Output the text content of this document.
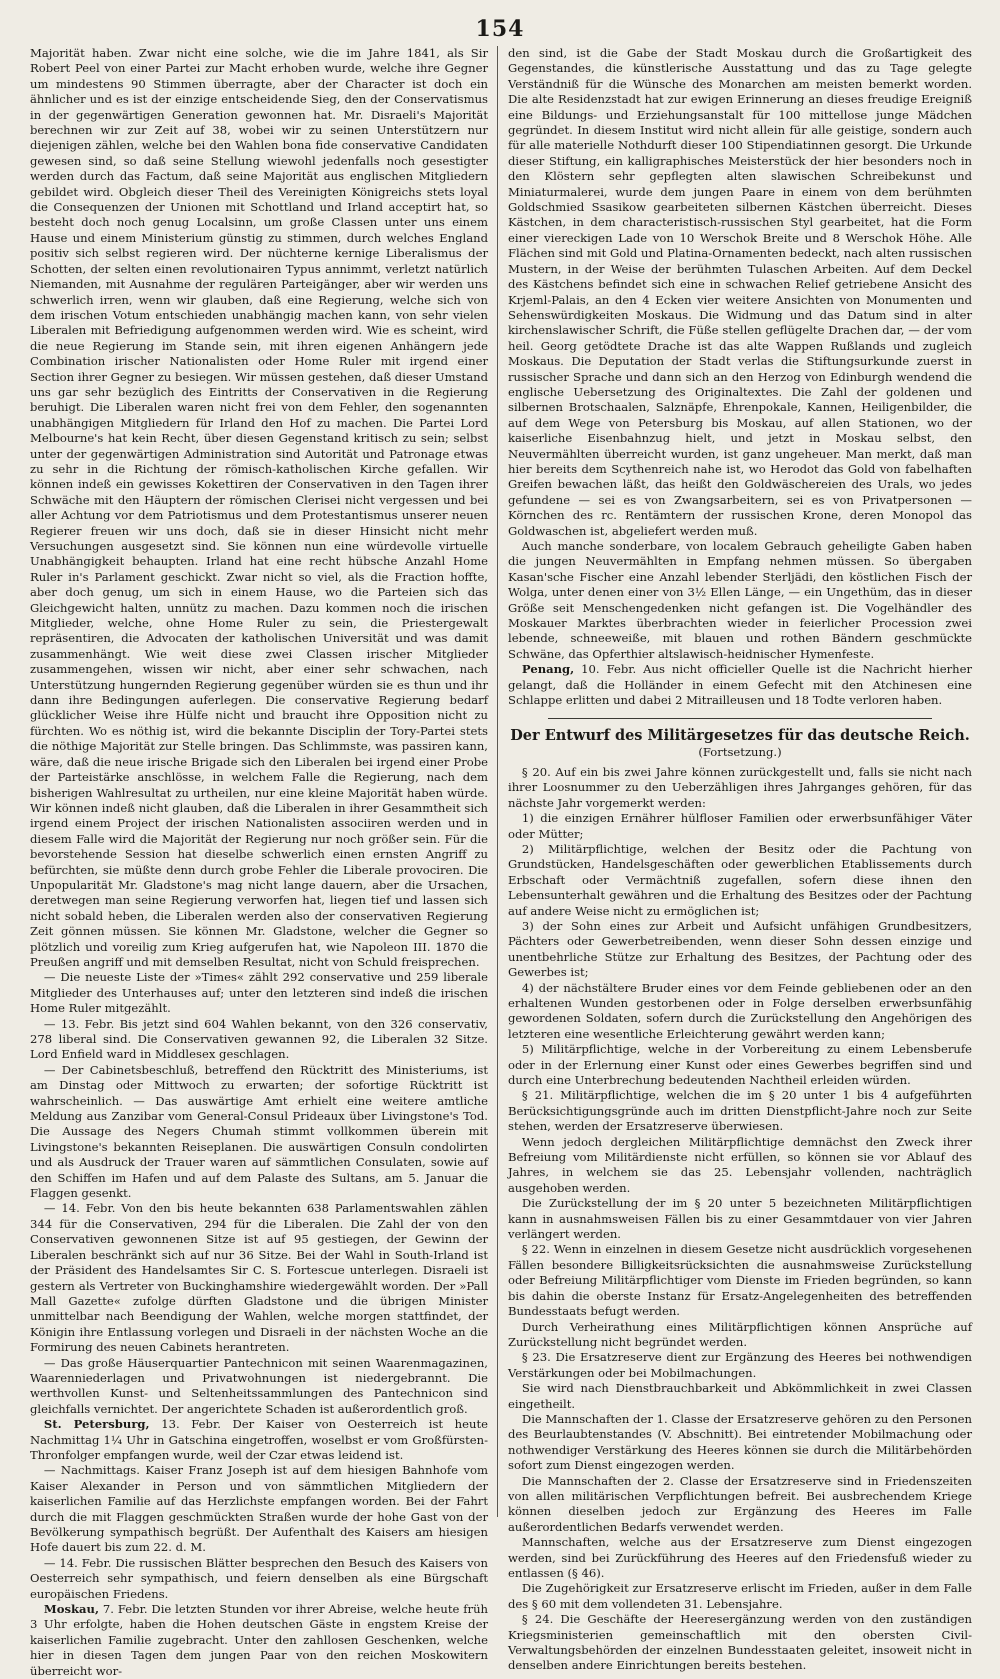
154

Majorität haben. Zwar nicht eine solche, wie die im Jahre 1841, als Sir Robert Peel von einer Partei zur Macht erhoben wurde, welche ihre Gegner um mindestens 90 Stimmen überragte, aber der Character ist doch ein ähnlicher und es ist der einzige entscheidende Sieg, den der Conservatismus in der gegenwärtigen Generation gewonnen hat. Mr. Disraeli's Majorität berechnen wir zur Zeit auf 38, wobei wir zu seinen Unterstützern nur diejenigen zählen, welche bei den Wahlen bona fide conservative Candidaten gewesen sind, so daß seine Stellung wiewohl jedenfalls noch gesestigter werden durch das Factum, daß seine Majorität aus englischen Mitgliedern gebildet wird. Obgleich dieser Theil des Vereinigten Königreichs stets loyal die Consequenzen der Unionen mit Schottland und Irland acceptirt hat, so besteht doch noch genug Localsinn, um große Classen unter uns einem Hause und einem Ministerium günstig zu stimmen, durch welches England positiv sich selbst regieren wird. Der nüchterne kernige Liberalismus der Schotten, der selten einen revolutionairen Typus annimmt, verletzt natürlich Niemanden, mit Ausnahme der regulären Parteigänger, aber wir werden uns schwerlich irren, wenn wir glauben, daß eine Regierung, welche sich von dem irischen Votum entschieden unabhängig machen kann, von sehr vielen Liberalen mit Befriedigung aufgenommen werden wird. Wie es scheint, wird die neue Regierung im Stande sein, mit ihren eigenen Anhängern jede Combination irischer Nationalisten oder Home Ruler mit irgend einer Section ihrer Gegner zu besiegen. Wir müssen gestehen, daß dieser Umstand uns gar sehr bezüglich des Eintritts der Conservativen in die Regierung beruhigt. Die Liberalen waren nicht frei von dem Fehler, den sogenannten unabhängigen Mitgliedern für Irland den Hof zu machen. Die Partei Lord Melbourne's hat kein Recht, über diesen Gegenstand kritisch zu sein; selbst unter der gegenwärtigen Administration sind Autorität und Patronage etwas zu sehr in die Richtung der römisch-katholischen Kirche gefallen. Wir können indeß ein gewisses Kokettiren der Conservativen in den Tagen ihrer Schwäche mit den Häuptern der römischen Clerisei nicht vergessen und bei aller Achtung vor dem Patriotismus und dem Protestantismus unserer neuen Regierer freuen wir uns doch, daß sie in dieser Hinsicht nicht mehr Versuchungen ausgesetzt sind. Sie können nun eine würdevolle virtuelle Unabhängigkeit behaupten. Irland hat eine recht hübsche Anzahl Home Ruler in's Parlament geschickt. Zwar nicht so viel, als die Fraction hoffte, aber doch genug, um sich in einem Hause, wo die Parteien sich das Gleichgewicht halten, unnütz zu machen. Dazu kommen noch die irischen Mitglieder, welche, ohne Home Ruler zu sein, die Priestergewalt repräsentiren, die Advocaten der katholischen Universität und was damit zusammenhängt. Wie weit diese zwei Classen irischer Mitglieder zusammengehen, wissen wir nicht, aber einer sehr schwachen, nach Unterstützung hungernden Regierung gegenüber würden sie es thun und ihr dann ihre Bedingungen auferlegen. Die conservative Regierung bedarf glücklicher Weise ihre Hülfe nicht und braucht ihre Opposition nicht zu fürchten. Wo es nöthig ist, wird die bekannte Disciplin der Tory-Partei stets die nöthige Majorität zur Stelle bringen. Das Schlimmste, was passiren kann, wäre, daß die neue irische Brigade sich den Liberalen bei irgend einer Probe der Parteistärke anschlösse, in welchem Falle die Regierung, nach dem bisherigen Wahlresultat zu urtheilen, nur eine kleine Majorität haben würde. Wir können indeß nicht glauben, daß die Liberalen in ihrer Gesammtheit sich irgend einem Project der irischen Nationalisten associiren werden und in diesem Falle wird die Majorität der Regierung nur noch größer sein. Für die bevorstehende Session hat dieselbe schwerlich einen ernsten Angriff zu befürchten, sie müßte denn durch grobe Fehler die Liberale provociren. Die Unpopularität Mr. Gladstone's mag nicht lange dauern, aber die Ursachen, deretwegen man seine Regierung verworfen hat, liegen tief und lassen sich nicht sobald heben, die Liberalen werden also der conservativen Regierung Zeit gönnen müssen. Sie können Mr. Gladstone, welcher die Gegner so plötzlich und voreilig zum Krieg aufgerufen hat, wie Napoleon III. 1870 die Preußen angriff und mit demselben Resultat, nicht von Schuld freisprechen.

— Die neueste Liste der »Times« zählt 292 conservative und 259 liberale Mitglieder des Unterhauses auf; unter den letzteren sind indeß die irischen Home Ruler mitgezählt.

— 13. Febr. Bis jetzt sind 604 Wahlen bekannt, von den 326 conservativ, 278 liberal sind. Die Conservativen gewannen 92, die Liberalen 32 Sitze. Lord Enfield ward in Middlesex geschlagen.

— Der Cabinetsbeschluß, betreffend den Rücktritt des Ministeriums, ist am Dinstag oder Mittwoch zu erwarten; der sofortige Rücktritt ist wahrscheinlich. — Das auswärtige Amt erhielt eine weitere amtliche Meldung aus Zanzibar vom General-Consul Prideaux über Livingstone's Tod. Die Aussage des Negers Chumah stimmt vollkommen überein mit Livingstone's bekannten Reiseplanen. Die auswärtigen Consuln condolirten und als Ausdruck der Trauer waren auf sämmtlichen Consulaten, sowie auf den Schiffen im Hafen und auf dem Palaste des Sultans, am 5. Januar die Flaggen gesenkt.

— 14. Febr. Von den bis heute bekannten 638 Parlamentswahlen zählen 344 für die Conservativen, 294 für die Liberalen. Die Zahl der von den Conservativen gewonnenen Sitze ist auf 95 gestiegen, der Gewinn der Liberalen beschränkt sich auf nur 36 Sitze. Bei der Wahl in South-Irland ist der Präsident des Handelsamtes Sir C. S. Fortescue unterlegen. Disraeli ist gestern als Vertreter von Buckinghamshire wiedergewählt worden. Der »Pall Mall Gazette« zufolge dürften Gladstone und die übrigen Minister unmittelbar nach Beendigung der Wahlen, welche morgen stattfindet, der Königin ihre Entlassung vorlegen und Disraeli in der nächsten Woche an die Formirung des neuen Cabinets herantreten.

— Das große Häuserquartier Pantechnicon mit seinen Waarenmagazinen, Waarenniederlagen und Privatwohnungen ist niedergebrannt. Die werthvollen Kunst- und Seltenheitssammlungen des Pantechnicon sind gleichfalls vernichtet. Der angerichtete Schaden ist außerordentlich groß.

St. Petersburg, 13. Febr. Der Kaiser von Oesterreich ist heute Nachmittag 1¼ Uhr in Gatschina eingetroffen, woselbst er vom Großfürsten-Thronfolger empfangen wurde, weil der Czar etwas leidend ist.

— Nachmittags. Kaiser Franz Joseph ist auf dem hiesigen Bahnhofe vom Kaiser Alexander in Person und von sämmtlichen Mitgliedern der kaiserlichen Familie auf das Herzlichste empfangen worden. Bei der Fahrt durch die mit Flaggen geschmückten Straßen wurde der hohe Gast von der Bevölkerung sympathisch begrüßt. Der Aufenthalt des Kaisers am hiesigen Hofe dauert bis zum 22. d. M.

— 14. Febr. Die russischen Blätter besprechen den Besuch des Kaisers von Oesterreich sehr sympathisch, und feiern denselben als eine Bürgschaft europäischen Friedens.

Moskau, 7. Febr. Die letzten Stunden vor ihrer Abreise, welche heute früh 3 Uhr erfolgte, haben die Hohen deutschen Gäste in engstem Kreise der kaiserlichen Familie zugebracht. Unter den zahllosen Geschenken, welche hier in diesen Tagen dem jungen Paar von den reichen Moskowitern überreicht wor-

den sind, ist die Gabe der Stadt Moskau durch die Großartigkeit des Gegenstandes, die künstlerische Ausstattung und das zu Tage gelegte Verständniß für die Wünsche des Monarchen am meisten bemerkt worden. Die alte Residenzstadt hat zur ewigen Erinnerung an dieses freudige Ereigniß eine Bildungs- und Erziehungsanstalt für 100 mittellose junge Mädchen gegründet. In diesem Institut wird nicht allein für alle geistige, sondern auch für alle materielle Nothdurft dieser 100 Stipendiatinnen gesorgt. Die Urkunde dieser Stiftung, ein kalligraphisches Meisterstück der hier besonders noch in den Klöstern sehr gepflegten alten slawischen Schreibekunst und Miniaturmalerei, wurde dem jungen Paare in einem von dem berühmten Goldschmied Ssasikow gearbeiteten silbernen Kästchen überreicht. Dieses Kästchen, in dem characteristisch-russischen Styl gearbeitet, hat die Form einer viereckigen Lade von 10 Werschok Breite und 8 Werschok Höhe. Alle Flächen sind mit Gold und Platina-Ornamenten bedeckt, nach alten russischen Mustern, in der Weise der berühmten Tulaschen Arbeiten. Auf dem Deckel des Kästchens befindet sich eine in schwachen Relief getriebene Ansicht des Krjeml-Palais, an den 4 Ecken vier weitere Ansichten von Monumenten und Sehenswürdigkeiten Moskaus. Die Widmung und das Datum sind in alter kirchenslawischer Schrift, die Füße stellen geflügelte Drachen dar, — der vom heil. Georg getödtete Drache ist das alte Wappen Rußlands und zugleich Moskaus. Die Deputation der Stadt verlas die Stiftungsurkunde zuerst in russischer Sprache und dann sich an den Herzog von Edinburgh wendend die englische Uebersetzung des Originaltextes. Die Zahl der goldenen und silbernen Brotschaalen, Salznäpfe, Ehrenpokale, Kannen, Heiligenbilder, die auf dem Wege von Petersburg bis Moskau, auf allen Stationen, wo der kaiserliche Eisenbahnzug hielt, und jetzt in Moskau selbst, den Neuvermählten überreicht wurden, ist ganz ungeheuer. Man merkt, daß man hier bereits dem Scythenreich nahe ist, wo Herodot das Gold von fabelhaften Greifen bewachen läßt, das heißt den Goldwäschereien des Urals, wo jedes gefundene — sei es von Zwangsarbeitern, sei es von Privatpersonen — Körnchen des rc. Rentämtern der russischen Krone, deren Monopol das Goldwaschen ist, abgeliefert werden muß.

Auch manche sonderbare, von localem Gebrauch geheiligte Gaben haben die jungen Neuvermählten in Empfang nehmen müssen. So übergaben Kasan'sche Fischer eine Anzahl lebender Sterljädi, den köstlichen Fisch der Wolga, unter denen einer von 3½ Ellen Länge, — ein Ungethüm, das in dieser Größe seit Menschengedenken nicht gefangen ist. Die Vogelhändler des Moskauer Marktes überbrachten wieder in feierlicher Procession zwei lebende, schneeweiße, mit blauen und rothen Bändern geschmückte Schwäne, das Opferthier altslawisch-heidnischer Hymenfeste.

Penang, 10. Febr. Aus nicht officieller Quelle ist die Nachricht hierher gelangt, daß die Holländer in einem Gefecht mit den Atchinesen eine Schlappe erlitten und dabei 2 Mitrailleusen und 18 Todte verloren haben.

Der Entwurf des Militärgesetzes für das deutsche Reich.
(Fortsetzung.)

§ 20. Auf ein bis zwei Jahre können zurückgestellt und, falls sie nicht nach ihrer Loosnummer zu den Ueberzähligen ihres Jahrganges gehören, für das nächste Jahr vorgemerkt werden:

1) die einzigen Ernährer hülfloser Familien oder erwerbsunfähiger Väter oder Mütter;

2) Militärpflichtige, welchen der Besitz oder die Pachtung von Grundstücken, Handelsgeschäften oder gewerblichen Etablissements durch Erbschaft oder Vermächtniß zugefallen, sofern diese ihnen den Lebensunterhalt gewähren und die Erhaltung des Besitzes oder der Pachtung auf andere Weise nicht zu ermöglichen ist;

3) der Sohn eines zur Arbeit und Aufsicht unfähigen Grundbesitzers, Pächters oder Gewerbetreibenden, wenn dieser Sohn dessen einzige und unentbehrliche Stütze zur Erhaltung des Besitzes, der Pachtung oder des Gewerbes ist;

4) der nächstältere Bruder eines vor dem Feinde gebliebenen oder an den erhaltenen Wunden gestorbenen oder in Folge derselben erwerbsunfähig gewordenen Soldaten, sofern durch die Zurückstellung den Angehörigen des letzteren eine wesentliche Erleichterung gewährt werden kann;

5) Militärpflichtige, welche in der Vorbereitung zu einem Lebensberufe oder in der Erlernung einer Kunst oder eines Gewerbes begriffen sind und durch eine Unterbrechung bedeutenden Nachtheil erleiden würden.

§ 21. Militärpflichtige, welchen die im § 20 unter 1 bis 4 aufgeführten Berücksichtigungsgründe auch im dritten Dienstpflicht-Jahre noch zur Seite stehen, werden der Ersatzreserve überwiesen.

Wenn jedoch dergleichen Militärpflichtige demnächst den Zweck ihrer Befreiung vom Militärdienste nicht erfüllen, so können sie vor Ablauf des Jahres, in welchem sie das 25. Lebensjahr vollenden, nachträglich ausgehoben werden.

Die Zurückstellung der im § 20 unter 5 bezeichneten Militärpflichtigen kann in ausnahmsweisen Fällen bis zu einer Gesammtdauer von vier Jahren verlängert werden.

§ 22. Wenn in einzelnen in diesem Gesetze nicht ausdrücklich vorgesehenen Fällen besondere Billigkeitsrücksichten die ausnahmsweise Zurückstellung oder Befreiung Militärpflichtiger vom Dienste im Frieden begründen, so kann bis dahin die oberste Instanz für Ersatz-Angelegenheiten des betreffenden Bundesstaats befugt werden.

Durch Verheirathung eines Militärpflichtigen können Ansprüche auf Zurückstellung nicht begründet werden.

§ 23. Die Ersatzreserve dient zur Ergänzung des Heeres bei nothwendigen Verstärkungen oder bei Mobilmachungen.

Sie wird nach Dienstbrauchbarkeit und Abkömmlichkeit in zwei Classen eingetheilt.

Die Mannschaften der 1. Classe der Ersatzreserve gehören zu den Personen des Beurlaubtenstandes (V. Abschnitt). Bei eintretender Mobilmachung oder nothwendiger Verstärkung des Heeres können sie durch die Militärbehörden sofort zum Dienst eingezogen werden.

Die Mannschaften der 2. Classe der Ersatzreserve sind in Friedenszeiten von allen militärischen Verpflichtungen befreit. Bei ausbrechendem Kriege können dieselben jedoch zur Ergänzung des Heeres im Falle außerordentlichen Bedarfs verwendet werden.

Mannschaften, welche aus der Ersatzreserve zum Dienst eingezogen werden, sind bei Zurückführung des Heeres auf den Friedensfuß wieder zu entlassen (§ 46).

Die Zugehörigkeit zur Ersatzreserve erlischt im Frieden, außer in dem Falle des § 60 mit dem vollendeten 31. Lebensjahre.

§ 24. Die Geschäfte der Heeresergänzung werden von den zuständigen Kriegsministerien gemeinschaftlich mit den obersten Civil-Verwaltungsbehörden der einzelnen Bundesstaaten geleitet, insoweit nicht in denselben andere Einrichtungen bereits bestehen.
